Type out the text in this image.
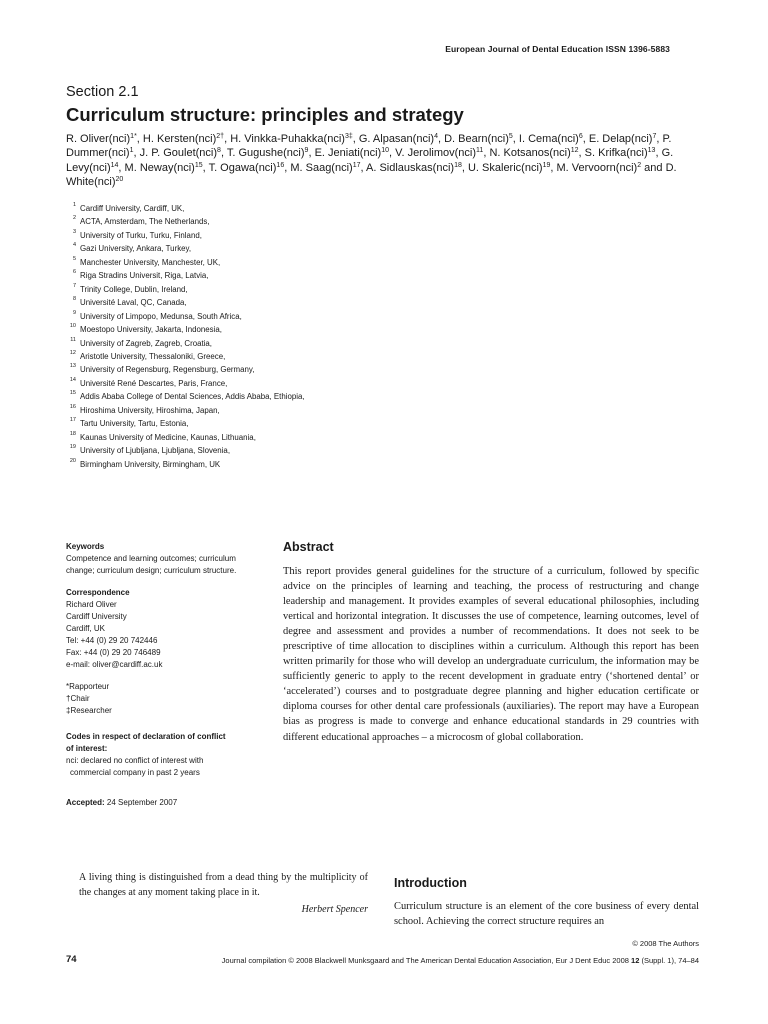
European Journal of Dental Education ISSN 1396-5883
Section 2.1
Curriculum structure: principles and strategy
R. Oliver(nci)$^{1*}$, H. Kersten(nci)$^{2\dagger}$, H. Vinkka-Puhakka(nci)$^{3\ddagger}$, G. Alpasan(nci)$^4$, D. Bearn(nci)$^5$, I. Cema(nci)$^6$, E. Delap(nci)$^7$, P. Dummer(nci)$^1$, J. P. Goulet(nci)$^8$, T. Gugushe(nci)$^9$, E. Jeniati(nci)$^{10}$, V. Jerolimov(nci)$^{11}$, N. Kotsanos(nci)$^{12}$, S. Krifka(nci)$^{13}$, G. Levy(nci)$^{14}$, M. Neway(nci)$^{15}$, T. Ogawa(nci)$^{16}$, M. Saag(nci)$^{17}$, A. Sidlauskas(nci)$^{18}$, U. Skaleric(nci)$^{19}$, M. Vervoorn(nci)$^2$ and D. White(nci)$^{20}$
1 Cardiff University, Cardiff, UK,
2 ACTA, Amsterdam, The Netherlands,
3 University of Turku, Turku, Finland,
4 Gazi University, Ankara, Turkey,
5 Manchester University, Manchester, UK,
6 Riga Stradins Universit, Riga, Latvia,
7 Trinity College, Dublin, Ireland,
8 Université Laval, QC, Canada,
9 University of Limpopo, Medunsa, South Africa,
10 Moestopo University, Jakarta, Indonesia,
11 University of Zagreb, Zagreb, Croatia,
12 Aristotle University, Thessaloniki, Greece,
13 University of Regensburg, Regensburg, Germany,
14 Université René Descartes, Paris, France,
15 Addis Ababa College of Dental Sciences, Addis Ababa, Ethiopia,
16 Hiroshima University, Hiroshima, Japan,
17 Tartu University, Tartu, Estonia,
18 Kaunas University of Medicine, Kaunas, Lithuania,
19 University of Ljubljana, Ljubljana, Slovenia,
20 Birmingham University, Birmingham, UK
Keywords
Competence and learning outcomes; curriculum
change; curriculum design; curriculum structure.
Correspondence
Richard Oliver
Cardiff University
Cardiff, UK
Tel: +44 (0) 29 20 742446
Fax: +44 (0) 29 20 746489
e-mail: oliver@cardiff.ac.uk
*Rapporteur
†Chair
‡Researcher
Codes in respect of declaration of conflict
of interest:
nci: declared no conflict of interest with
commercial company in past 2 years
Accepted: 24 September 2007
Abstract

This report provides general guidelines for the structure of a curriculum, followed by specific advice on the principles of learning and teaching, the process of restructuring and change leadership and management. It provides examples of several educational philosophies, including vertical and horizontal integration. It discusses the use of competence, learning outcomes, level of degree and assessment and provides a number of recommendations. It does not seek to be prescriptive of time allocation to disciplines within a curriculum. Although this report has been written primarily for those who will develop an undergraduate curriculum, the information may be sufficiently generic to apply to the recent development in graduate entry (‘shortened dental’ or ‘accelerated’) courses and to postgraduate degree planning and higher education certificate or diploma courses for other dental care professionals (auxiliaries). The report may have a European bias as progress is made to converge and enhance educational standards in 29 countries with different educational approaches – a microcosm of global collaboration.

A living thing is distinguished from a dead thing by the multiplicity of the changes at any moment taking place in it.

Herbert Spencer

Introduction

Curriculum structure is an element of the core business of every dental school. Achieving the correct structure requires an

© 2008 The Authors
74	Journal compilation © 2008 Blackwell Munksgaard and The American Dental Education Association, Eur J Dent Educ 2008 12 (Suppl. 1), 74–84
